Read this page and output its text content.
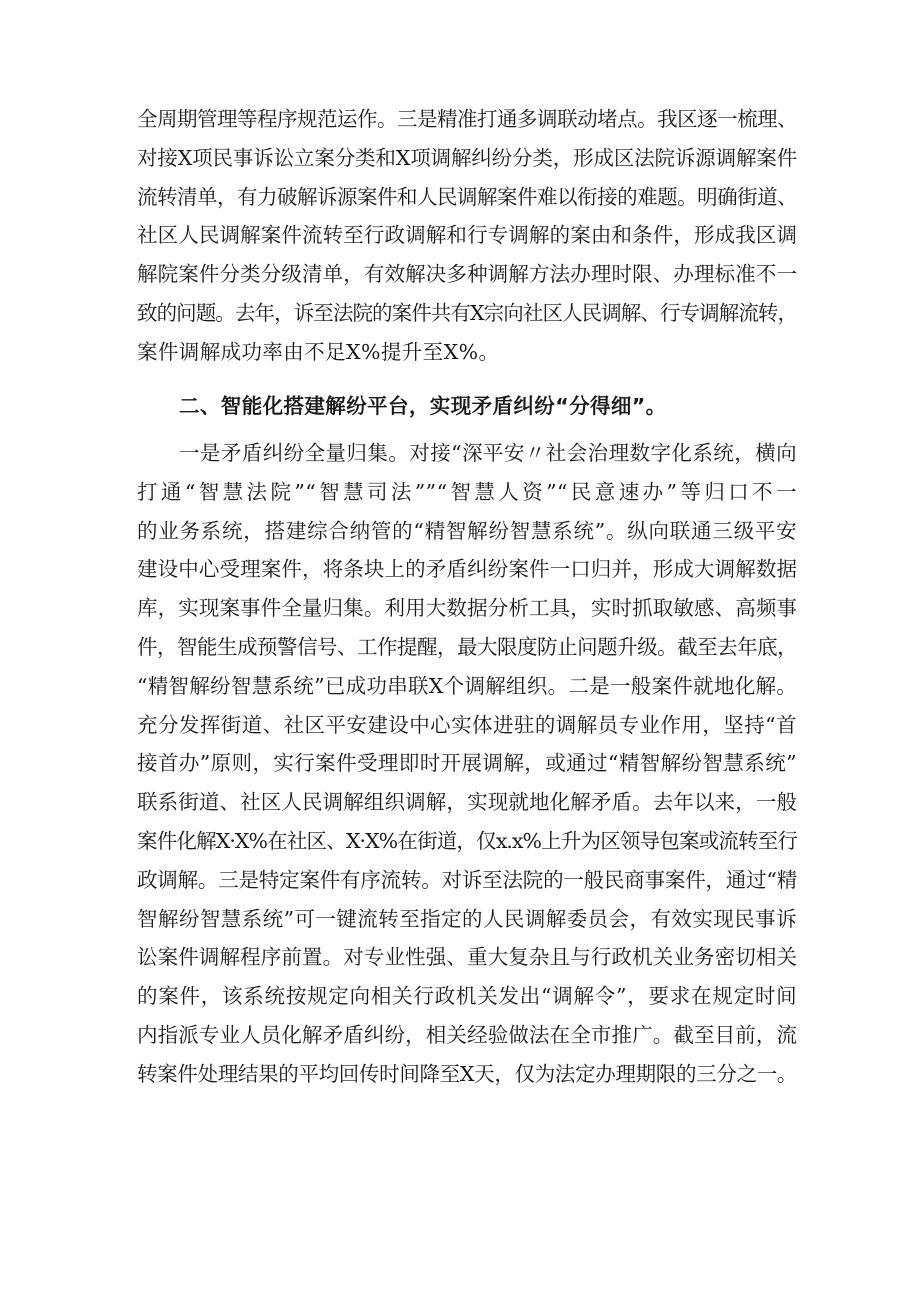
全周期管理等程序规范运作。三是精准打通多调联动堵点。我区逐一梳理、
对接X项民事诉讼立案分类和X项调解纠纷分类，形成区法院诉源调解案件
流转清单，有力破解诉源案件和人民调解案件难以衔接的难题。明确街道、
社区人民调解案件流转至行政调解和行专调解的案由和条件，形成我区调
解院案件分类分级清单，有效解决多种调解方法办理时限、办理标准不一
致的问题。去年，诉至法院的案件共有X宗向社区人民调解、行专调解流转，
案件调解成功率由不足X%提升至X%。
二、智能化搭建解纷平台，实现矛盾纠纷“分得细”。
一是矛盾纠纷全量归集。对接“深平安〃社会治理数字化系统，横向
打通“智慧法院”“智慧司法””“智慧人资”“民意速办”等归口不一
的业务系统，搭建综合纳管的“精智解纷智慧系统”。纵向联通三级平安
建设中心受理案件，将条块上的矛盾纠纷案件一口归并，形成大调解数据
库，实现案事件全量归集。利用大数据分析工具，实时抓取敏感、高频事
件，智能生成预警信号、工作提醒，最大限度防止问题升级。截至去年底，
“精智解纷智慧系统”已成功串联X个调解组织。二是一般案件就地化解。
充分发挥街道、社区平安建设中心实体进驻的调解员专业作用，坚持“首
接首办”原则，实行案件受理即时开展调解，或通过“精智解纷智慧系统”
联系街道、社区人民调解组织调解，实现就地化解矛盾。去年以来，一般
案件化解X·X%在社区、X·X%在街道，仅x.x%上升为区领导包案或流转至行
政调解。三是特定案件有序流转。对诉至法院的一般民商事案件，通过“精
智解纷智慧系统”可一键流转至指定的人民调解委员会，有效实现民事诉
讼案件调解程序前置。对专业性强、重大复杂且与行政机关业务密切相关
的案件，该系统按规定向相关行政机关发出“调解令”，要求在规定时间
内指派专业人员化解矛盾纠纷，相关经验做法在全市推广。截至目前，流
转案件处理结果的平均回传时间降至X天，仅为法定办理期限的三分之一。
